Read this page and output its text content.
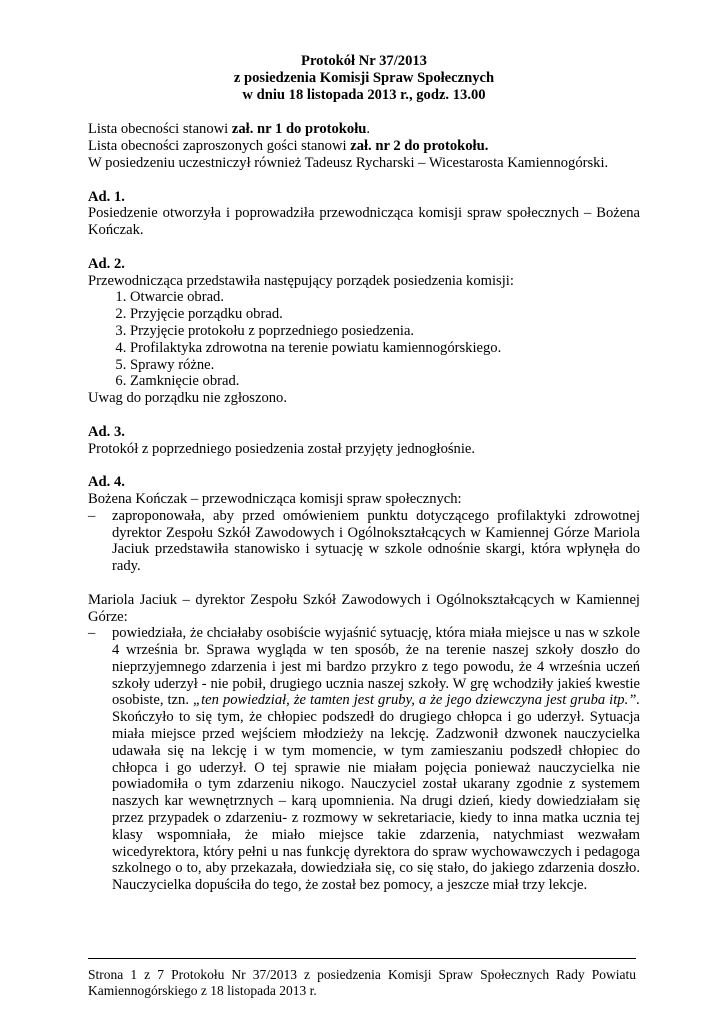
Protokół Nr 37/2013
z posiedzenia Komisji Spraw Społecznych
w dniu 18 listopada 2013 r., godz. 13.00

Lista obecności stanowi zał. nr 1 do protokołu.

Lista obecności zaproszonych gości stanowi zał. nr 2 do protokołu.

W posiedzeniu uczestniczył również Tadeusz Rycharski – Wicestarosta Kamiennogórski.

Ad. 1.

Posiedzenie otworzyła i poprowadziła przewodnicząca komisji spraw społecznych – Bożena Kończak.

Ad. 2.

Przewodnicząca przedstawiła następujący porządek posiedzenia komisji:

1. Otwarcie obrad.
2. Przyjęcie porządku obrad.
3. Przyjęcie protokołu z poprzedniego posiedzenia.
4. Profilaktyka zdrowotna na terenie powiatu kamiennogórskiego.
5. Sprawy różne.
6. Zamknięcie obrad.

Uwag do porządku nie zgłoszono.

Ad. 3.

Protokół z poprzedniego posiedzenia został przyjęty jednogłośnie.

Ad. 4.

Bożena Kończak – przewodnicząca komisji spraw społecznych:

–	zaproponowała, aby przed omówieniem punktu dotyczącego profilaktyki zdrowotnej dyrektor Zespołu Szkół Zawodowych i Ogólnokształcących w Kamiennej Górze Mariola Jaciuk przedstawiła stanowisko i sytuację w szkole odnośnie skargi, która wpłynęła do rady.

Mariola Jaciuk – dyrektor Zespołu Szkół Zawodowych i Ogólnokształcących w Kamiennej Górze:

–	powiedziała, że chciałaby osobiście wyjaśnić sytuację, która miała miejsce u nas w szkole 4 września br. Sprawa wygląda w ten sposób, że na terenie naszej szkoły doszło do nieprzyjemnego zdarzenia i jest mi bardzo przykro z tego powodu, że 4 września uczeń szkoły uderzył - nie pobił, drugiego ucznia naszej szkoły. W grę wchodziły jakieś kwestie osobiste, tzn. „ten powiedział, że tamten jest gruby, a że jego dziewczyna jest gruba itp.”. Skończyło to się tym, że chłopiec podszedł do drugiego chłopca i go uderzył. Sytuacja miała miejsce przed wejściem młodzieży na lekcję. Zadzwonił dzwonek nauczycielka udawała się na lekcję i w tym momencie, w tym zamieszaniu podszedł chłopiec do chłopca i go uderzył. O tej sprawie nie miałam pojęcia ponieważ nauczycielka nie powiadomiła o tym zdarzeniu nikogo. Nauczyciel został ukarany zgodnie z systemem naszych kar wewnętrznych – karą upomnienia. Na drugi dzień, kiedy dowiedziałam się przez przypadek o zdarzeniu- z rozmowy w sekretariacie, kiedy to inna matka ucznia tej klasy wspomniała, że miało miejsce takie zdarzenia, natychmiast wezwałam wicedyrektora, który pełni u nas funkcję dyrektora do spraw wychowawczych i pedagoga szkolnego o to, aby przekazała, dowiedziała się, co się stało, do jakiego zdarzenia doszło. Nauczycielka dopuściła do tego, że został bez pomocy, a jeszcze miał trzy lekcje.
Strona 1 z 7 Protokołu Nr 37/2013 z posiedzenia Komisji Spraw Społecznych Rady Powiatu Kamiennogórskiego z 18 listopada 2013 r.
